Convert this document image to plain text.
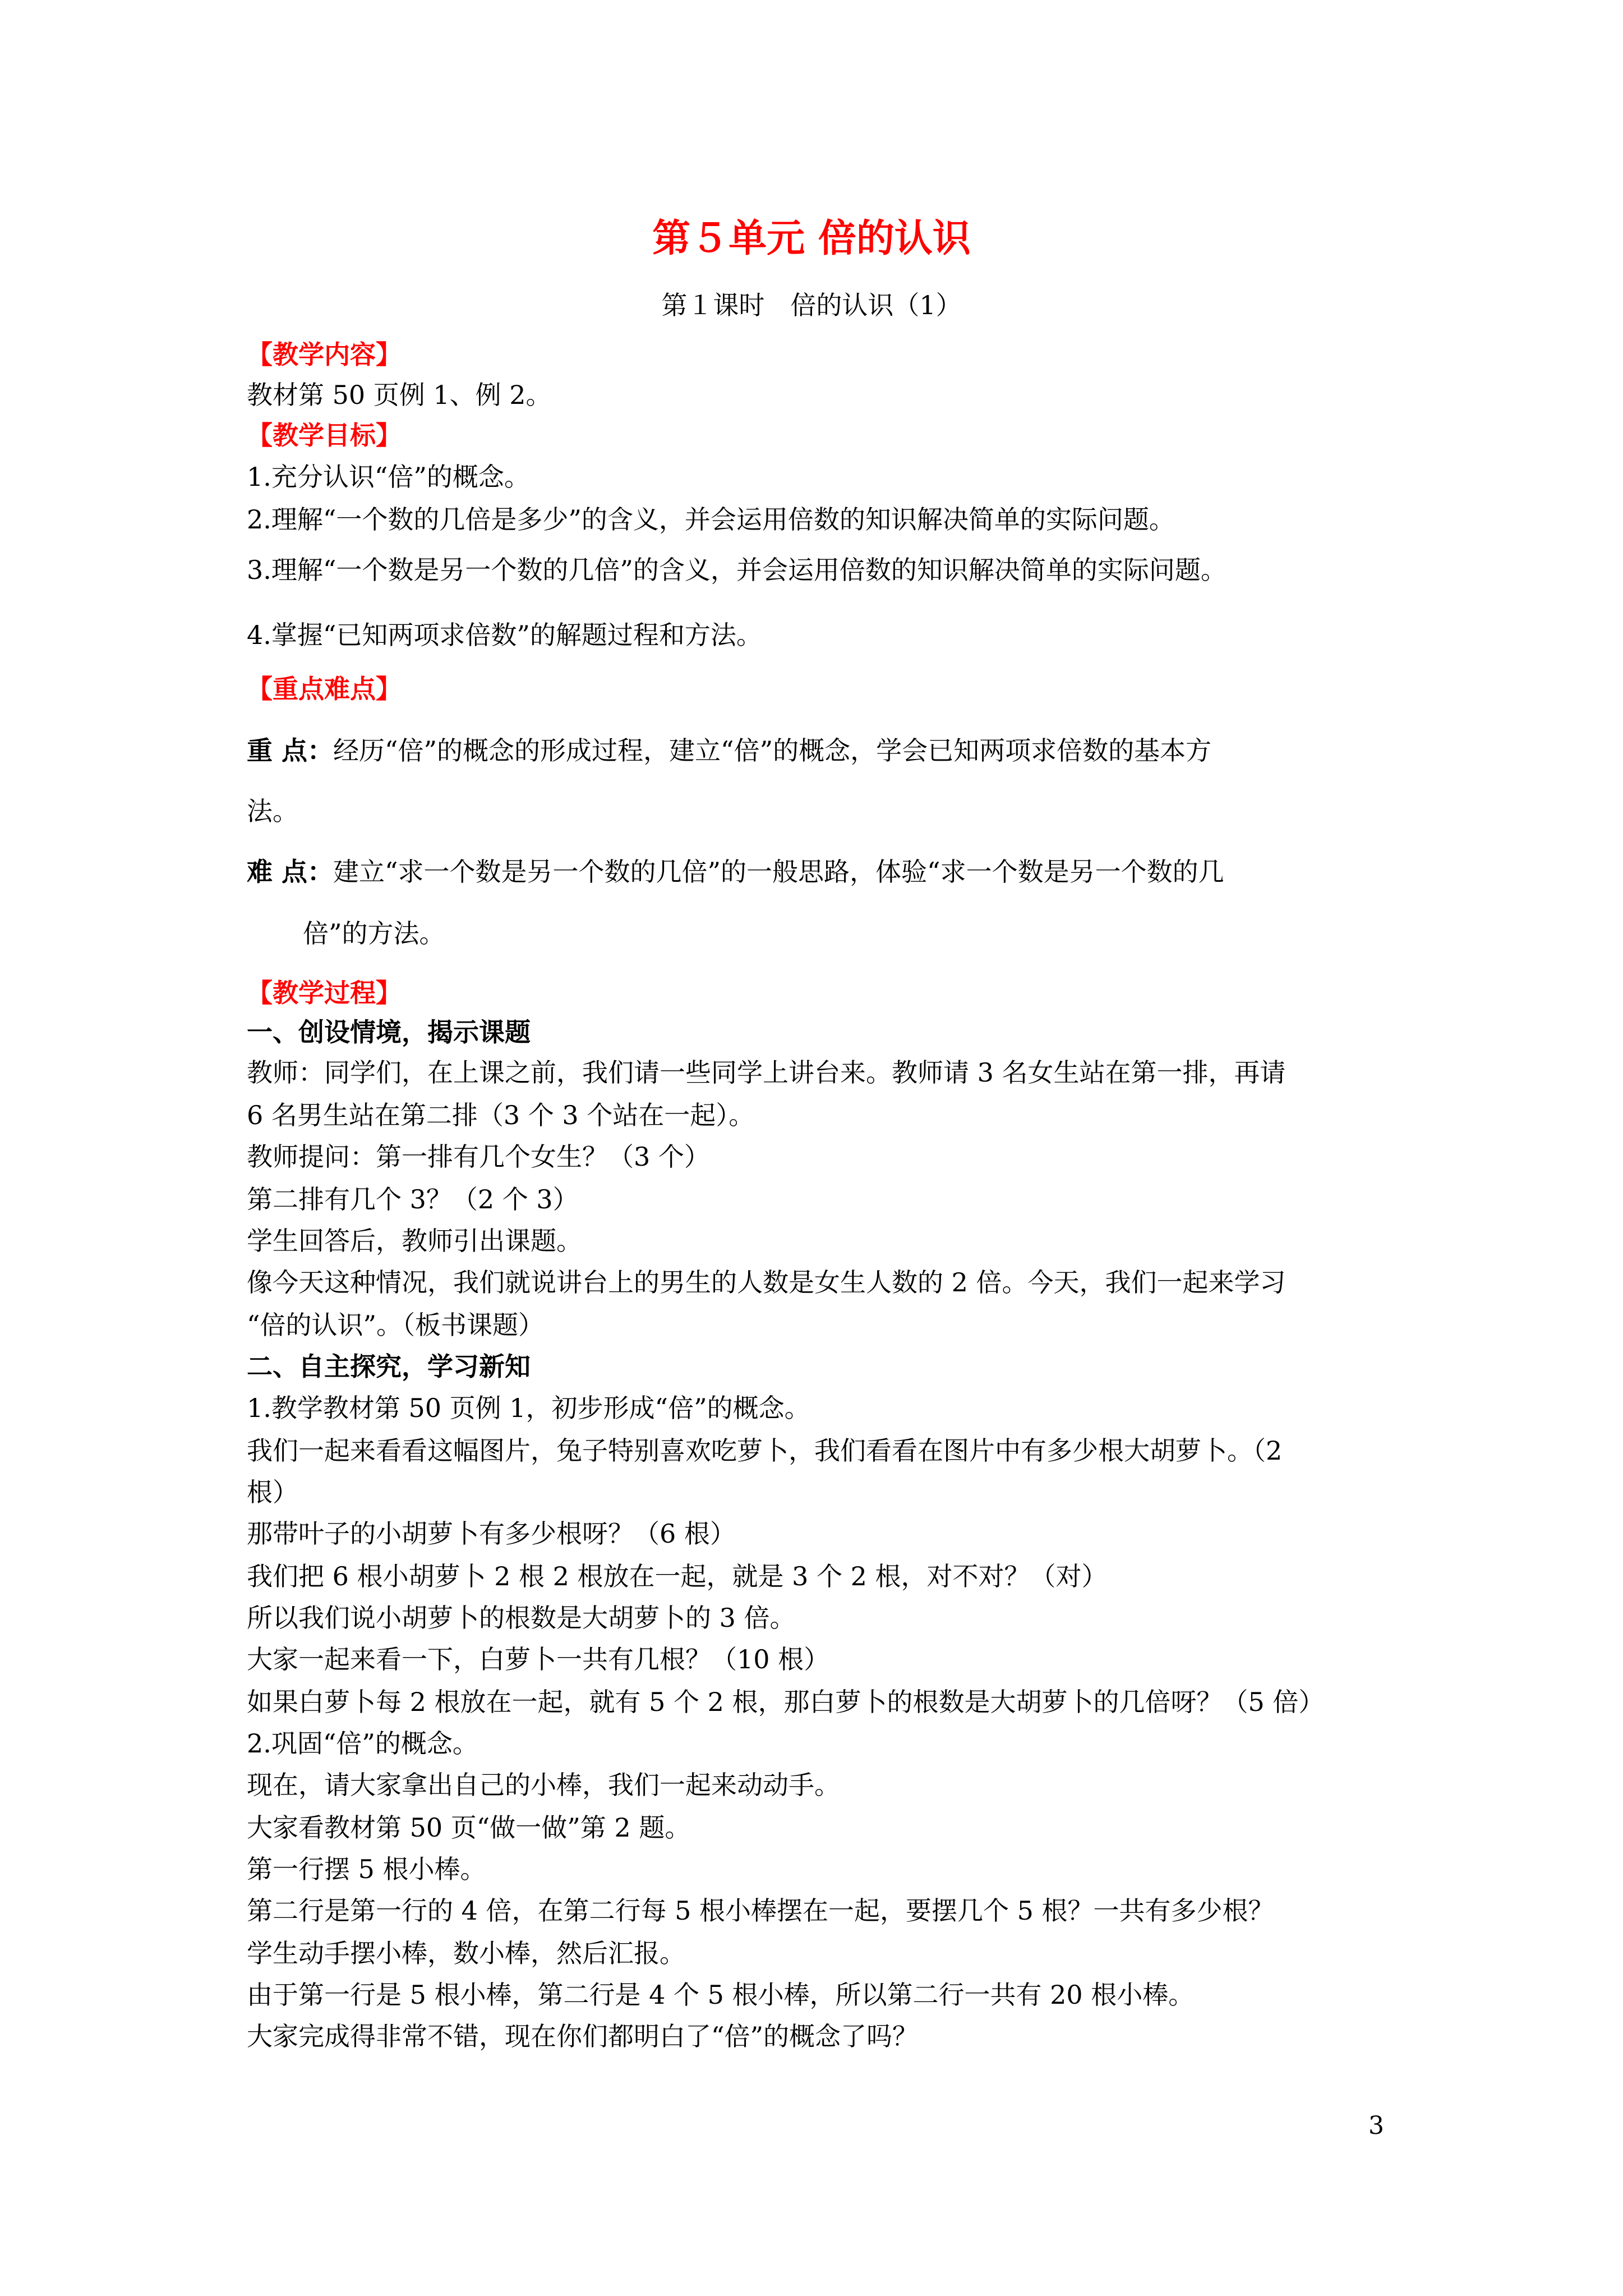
第５单元 倍的认识
第１课时　倍的认识（1）
【教学内容】
教材第 50 页例 1、例 2。
【教学目标】
1.充分认识“倍”的概念。
2.理解“一个数的几倍是多少”的含义，并会运用倍数的知识解决简单的实际问题。
3.理解“一个数是另一个数的几倍”的含义，并会运用倍数的知识解决简单的实际问题。
4.掌握“已知两项求倍数”的解题过程和方法。
【重点难点】
重 点：经历“倍”的概念的形成过程，建立“倍”的概念，学会已知两项求倍数的基本方
法。
难 点：建立“求一个数是另一个数的几倍”的一般思路，体验“求一个数是另一个数的几
倍”的方法。
【教学过程】
一、创设情境，揭示课题
教师：同学们，在上课之前，我们请一些同学上讲台来。教师请 3 名女生站在第一排，再请
6 名男生站在第二排（3 个 3 个站在一起）。
教师提问：第一排有几个女生？（3 个）
第二排有几个 3？（2 个 3）
学生回答后，教师引出课题。
像今天这种情况，我们就说讲台上的男生的人数是女生人数的 2 倍。今天，我们一起来学习
“倍的认识”。（板书课题）
二、自主探究，学习新知
1.教学教材第 50 页例 1，初步形成“倍”的概念。
我们一起来看看这幅图片，兔子特别喜欢吃萝卜，我们看看在图片中有多少根大胡萝卜。（2
根）
那带叶子的小胡萝卜有多少根呀？（6 根）
我们把 6 根小胡萝卜 2 根 2 根放在一起，就是 3 个 2 根，对不对？（对）
所以我们说小胡萝卜的根数是大胡萝卜的 3 倍。
大家一起来看一下，白萝卜一共有几根？（10 根）
如果白萝卜每 2 根放在一起，就有 5 个 2 根，那白萝卜的根数是大胡萝卜的几倍呀？（5 倍）
2.巩固“倍”的概念。
现在，请大家拿出自己的小棒，我们一起来动动手。
大家看教材第 50 页“做一做”第 2 题。
第一行摆 5 根小棒。
第二行是第一行的 4 倍，在第二行每 5 根小棒摆在一起，要摆几个 5 根？一共有多少根？
学生动手摆小棒，数小棒，然后汇报。
由于第一行是 5 根小棒，第二行是 4 个 5 根小棒，所以第二行一共有 20 根小棒。
大家完成得非常不错，现在你们都明白了“倍”的概念了吗？
3
